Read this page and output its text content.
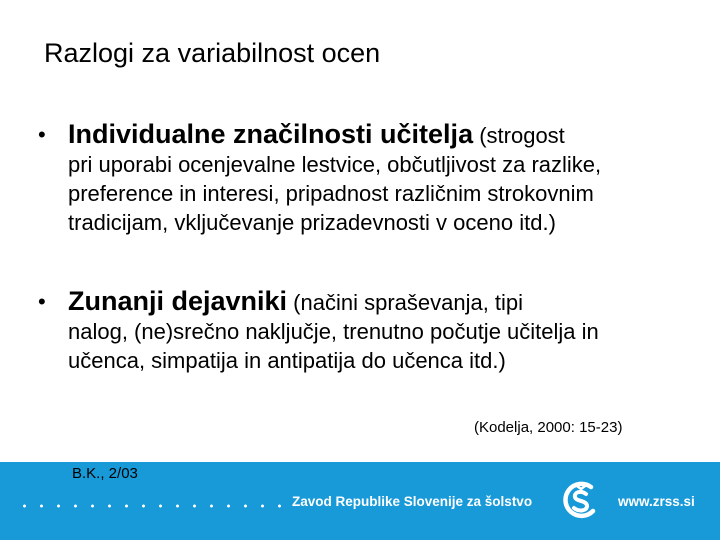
Razlogi za variabilnost ocen
• Individualne značilnosti učitelja (strogost
pri uporabi ocenjevalne lestvice, občutljivost za razlike, preference in interesi, pripadnost različnim strokovnim tradicijam, vključevanje prizadevnosti v oceno itd.)
• Zunanji dejavniki (načini spraševanja, tipi
nalog, (ne)srečno naključje, trenutno počutje učitelja in učenca, simpatija in antipatija do učenca itd.)
(Kodelja, 2000: 15-23)
B.K., 2/03
Zavod Republike Slovenije za šolstvo	www.zrss.si
